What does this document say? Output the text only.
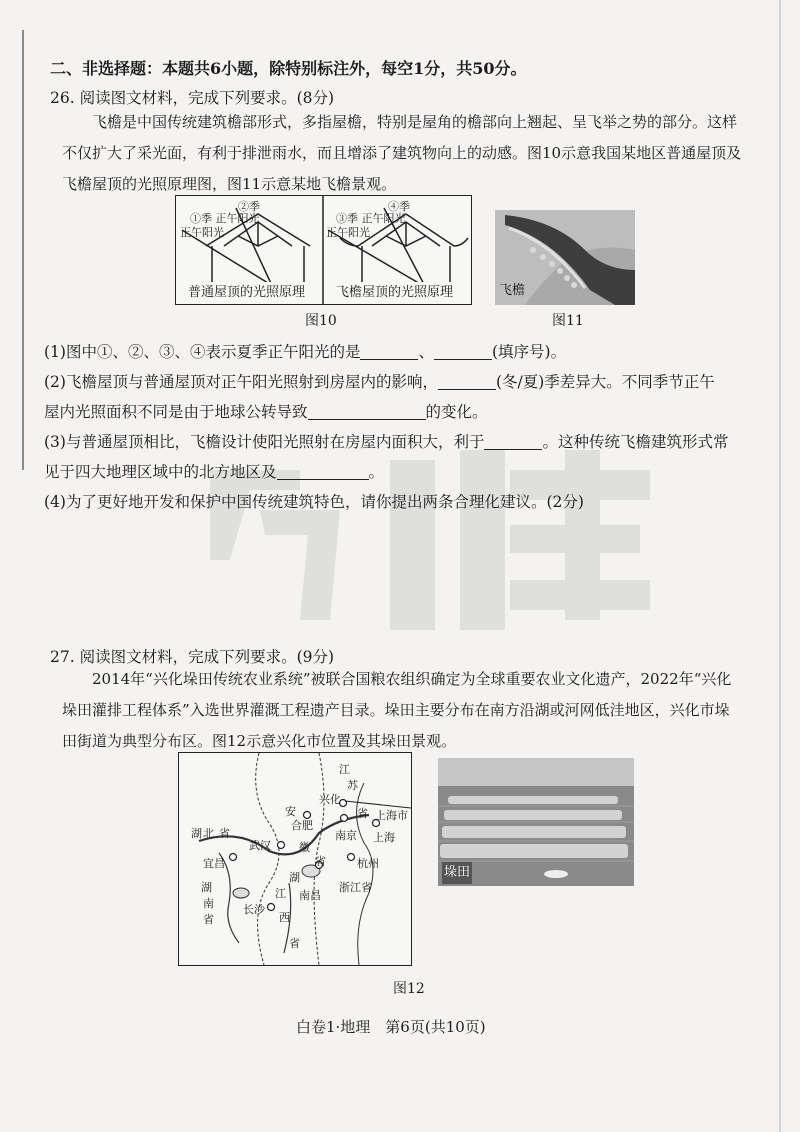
二、非选择题：本题共6小题，除特别标注外，每空1分，共50分。
26. 阅读图文材料，完成下列要求。(8分)
飞檐是中国传统建筑檐部形式，多指屋檐，特别是屋角的檐部向上翘起、呈飞举之势的部分。这样不仅扩大了采光面，有利于排泄雨水，而且增添了建筑物向上的动感。图10示意我国某地区普通屋顶及飞檐屋顶的光照原理图，图11示意某地飞檐景观。
②季
①季 正午阳光
正午阳光
④季
③季 正午阳光
正午阳光
普通屋顶的光照原理 飞檐屋顶的光照原理
图10
飞檐
图11
(1)图中①、②、③、④表示夏季正午阳光的是	、	(填序号)。
(2)飞檐屋顶与普通屋顶对正午阳光照射到房屋内的影响，	(冬/夏)季差异大。不同季节正午
屋内光照面积不同是由于地球公转导致	的变化。
(3)与普通屋顶相比，飞檐设计使阳光照射在房屋内面积大，利于	。这种传统飞檐建筑形式常
见于四大地理区域中的北方地区及	。
(4)为了更好地开发和保护中国传统建筑特色，请你提出两条合理化建议。(2分)
27. 阅读图文材料，完成下列要求。(9分)
2014年“兴化垛田传统农业系统”被联合国粮农组织确定为全球重要农业文化遗产，2022年“兴化垛田灌排工程体系”入选世界灌溉工程遗产目录。垛田主要分布在南方沿湖或河网低洼地区，兴化市垛田街道为典型分布区。图12示意兴化市位置及其垛田景观。
江
苏
省
兴化
安
合肥
南京
上海市
上海
湖 北 省
武汉	徽
省	杭州
宜昌
湖
浙江省
湖
南
省
长沙
江 南昌
西
省
垛田
图12
白卷1·地理　第6页(共10页)
